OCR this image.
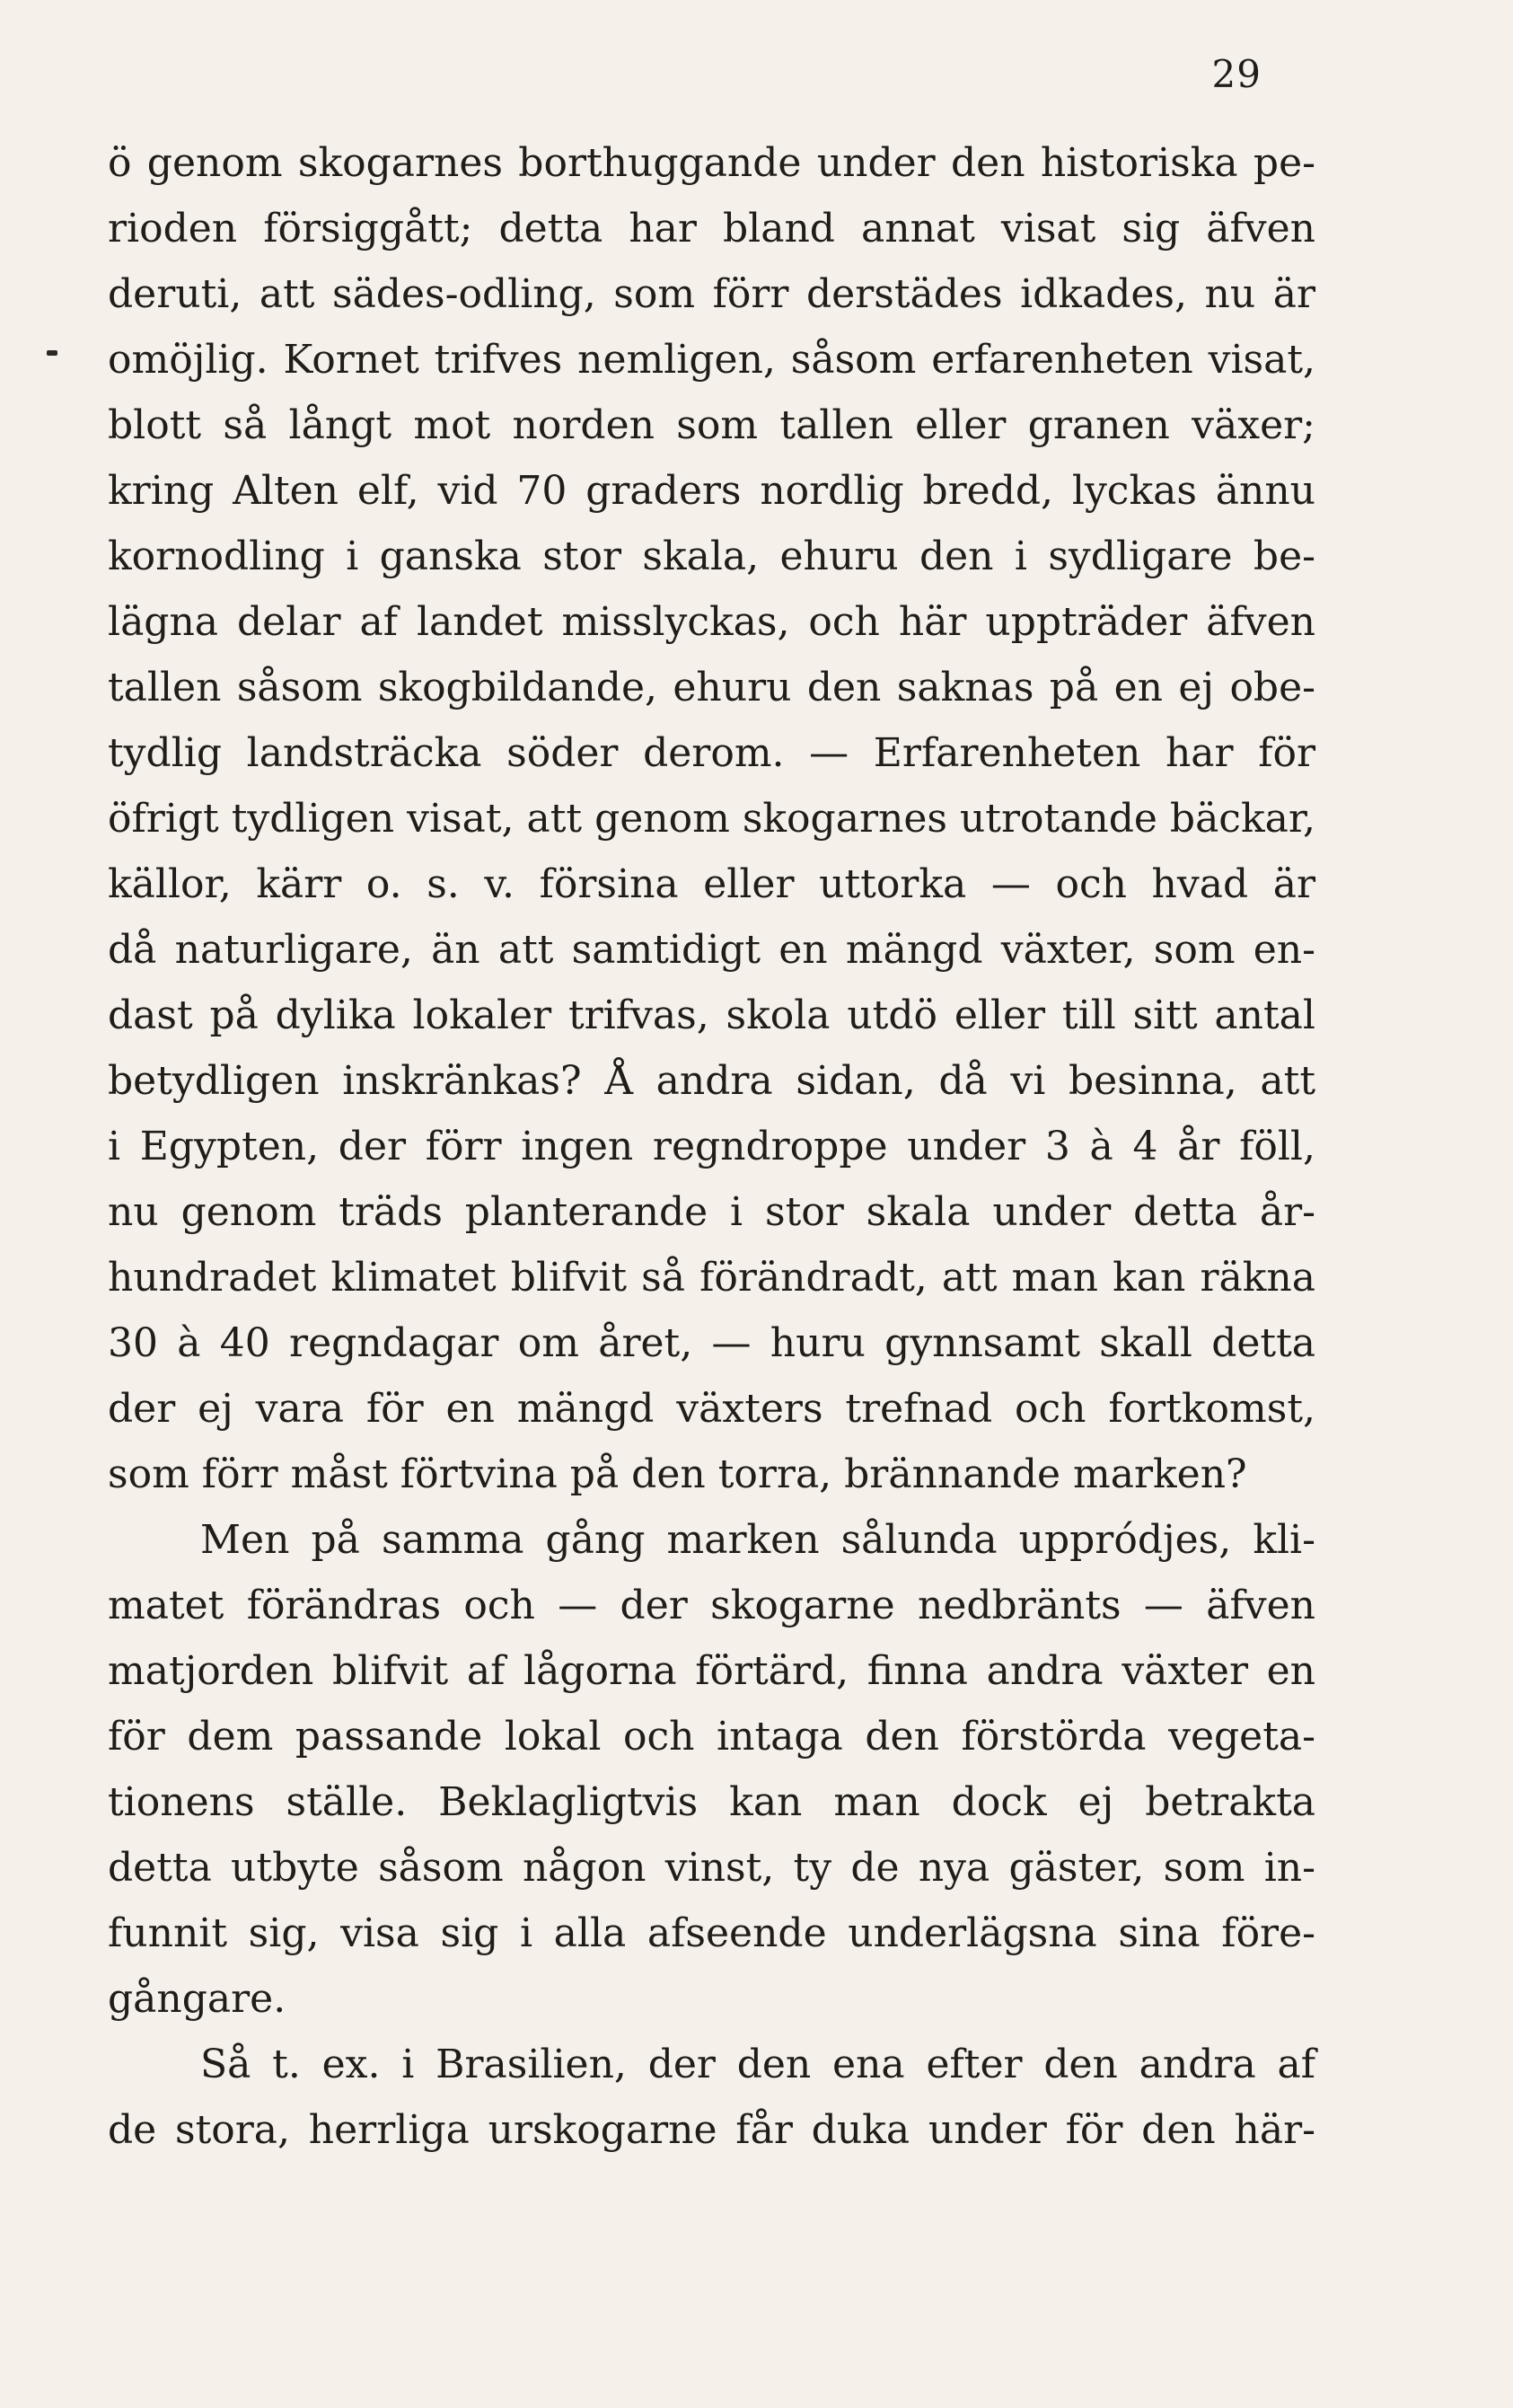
29
ö genom skogarnes borthuggande under den historiska pe-
rioden försiggått; detta har bland annat visat sig äfven
deruti, att sädes-odling, som förr derstädes idkades, nu är
omöjlig. Kornet trifves nemligen, såsom erfarenheten visat,
blott så långt mot norden som tallen eller granen växer;
kring Alten elf, vid 70 graders nordlig bredd, lyckas ännu
kornodling i ganska stor skala, ehuru den i sydligare be-
lägna delar af landet misslyckas, och här uppträder äfven
tallen såsom skogbildande, ehuru den saknas på en ej obe-
tydlig landsträcka söder derom. — Erfarenheten har för
öfrigt tydligen visat, att genom skogarnes utrotande bäckar,
källor, kärr o. s. v. försina eller uttorka — och hvad är
då naturligare, än att samtidigt en mängd växter, som en-
dast på dylika lokaler trifvas, skola utdö eller till sitt antal
betydligen inskränkas? Å andra sidan, då vi besinna, att
i Egypten, der förr ingen regndroppe under 3 à 4 år föll,
nu genom träds planterande i stor skala under detta år-
hundradet klimatet blifvit så förändradt, att man kan räkna
30 à 40 regndagar om året, — huru gynnsamt skall detta
der ej vara för en mängd växters trefnad och fortkomst,
som förr måst förtvina på den torra, brännande marken?
Men på samma gång marken sålunda uppródjes, kli-
matet förändras och — der skogarne nedbränts — äfven
matjorden blifvit af lågorna förtärd, finna andra växter en
för dem passande lokal och intaga den förstörda vegeta-
tionens ställe. Beklagligtvis kan man dock ej betrakta
detta utbyte såsom någon vinst, ty de nya gäster, som in-
funnit sig, visa sig i alla afseende underlägsna sina före-
gångare.
Så t. ex. i Brasilien, der den ena efter den andra af
de stora, herrliga urskogarne får duka under för den här-
